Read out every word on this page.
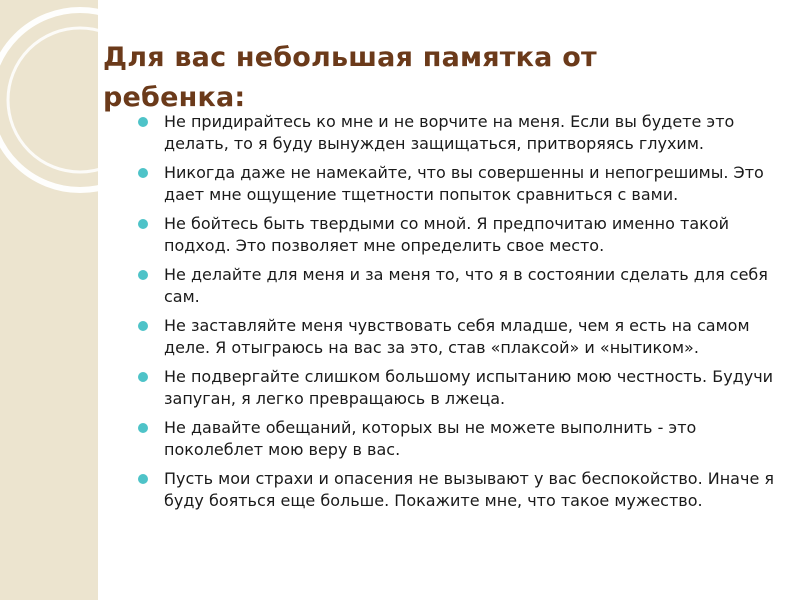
Для вас небольшая памятка от ребенка:
Не придирайтесь ко мне и не ворчите на меня. Если вы будете это делать, то я буду вынужден защищаться, притворяясь глухим.
Никогда даже не намекайте, что вы совершенны и непогрешимы. Это дает мне ощущение тщетности попыток сравниться с вами.
Не бойтесь быть твердыми со мной. Я предпочитаю именно такой подход. Это позволяет мне определить свое место.
Не делайте для меня и за меня то, что я в состоянии сделать для себя сам.
Не заставляйте меня чувствовать себя младше, чем я есть на самом деле. Я отыграюсь на вас за это, став «плаксой» и «нытиком».
Не подвергайте слишком большому испытанию мою честность. Будучи запуган, я легко превращаюсь в лжеца.
Не давайте обещаний, которых вы не можете выполнить - это поколеблет мою веру в вас.
Пусть мои страхи и опасения не вызывают у вас беспокойство. Иначе я буду бояться еще больше. Покажите мне, что такое мужество.
